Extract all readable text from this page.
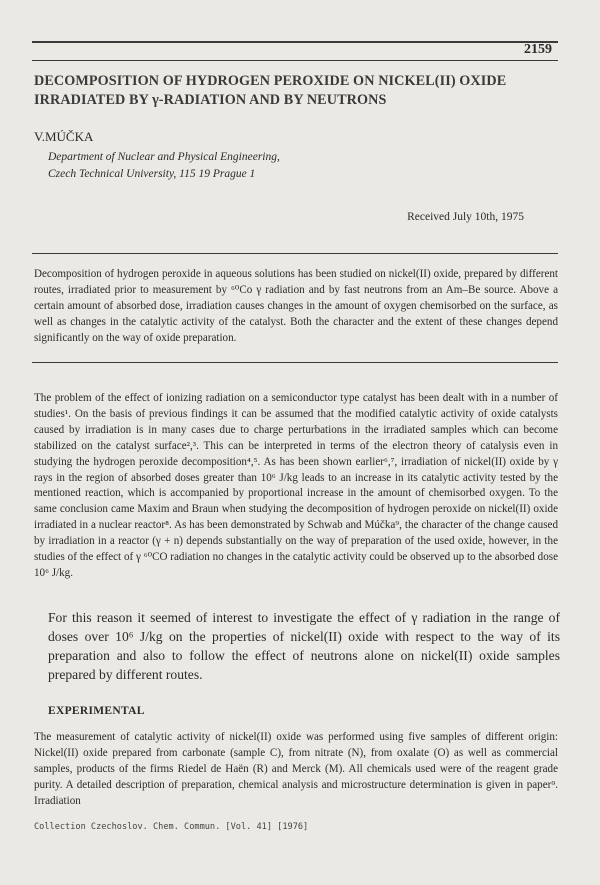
2159
DECOMPOSITION OF HYDROGEN PEROXIDE ON NICKEL(II) OXIDE IRRADIATED BY γ-RADIATION AND BY NEUTRONS
V.MÚČKA
Department of Nuclear and Physical Engineering,
Czech Technical University, 115 19 Prague 1
Received July 10th, 1975
Decomposition of hydrogen peroxide in aqueous solutions has been studied on nickel(II) oxide, prepared by different routes, irradiated prior to measurement by ⁶⁰Co γ radiation and by fast neutrons from an Am–Be source. Above a certain amount of absorbed dose, irradiation causes changes in the amount of oxygen chemisorbed on the surface, as well as changes in the catalytic activity of the catalyst. Both the character and the extent of these changes depend significantly on the way of oxide preparation.
The problem of the effect of ionizing radiation on a semiconductor type catalyst has been dealt with in a number of studies¹. On the basis of previous findings it can be assumed that the modified catalytic activity of oxide catalysts caused by irradiation is in many cases due to charge perturbations in the irradiated samples which can become stabilized on the catalyst surface²,³. This can be interpreted in terms of the electron theory of catalysis even in studying the hydrogen peroxide decomposition⁴,⁵. As has been shown earlier⁶,⁷, irradiation of nickel(II) oxide by γ rays in the region of absorbed doses greater than 10⁶ J/kg leads to an increase in its catalytic activity tested by the mentioned reaction, which is accompanied by proportional increase in the amount of chemisorbed oxygen. To the same conclusion came Maxim and Braun when studying the decomposition of hydrogen peroxide on nickel(II) oxide irradiated in a nuclear reactor⁸. As has been demonstrated by Schwab and Múčka⁹, the character of the change caused by irradiation in a reactor (γ + n) depends substantially on the way of preparation of the used oxide, however, in the studies of the effect of γ ⁶⁰CO radiation no changes in the catalytic activity could be observed up to the absorbed dose 10⁶ J/kg.
For this reason it seemed of interest to investigate the effect of γ radiation in the range of doses over 10⁶ J/kg on the properties of nickel(II) oxide with respect to the way of its preparation and also to follow the effect of neutrons alone on nickel(II) oxide samples prepared by different routes.
EXPERIMENTAL
The measurement of catalytic activity of nickel(II) oxide was performed using five samples of different origin: Nickel(II) oxide prepared from carbonate (sample C), from nitrate (N), from oxalate (O) as well as commercial samples, products of the firms Riedel de Haën (R) and Merck (M). All chemicals used were of the reagent grade purity. A detailed description of preparation, chemical analysis and microstructure determination is given in paper⁹. Irradiation
Collection Czechoslov. Chem. Commun. [Vol. 41] [1976]
